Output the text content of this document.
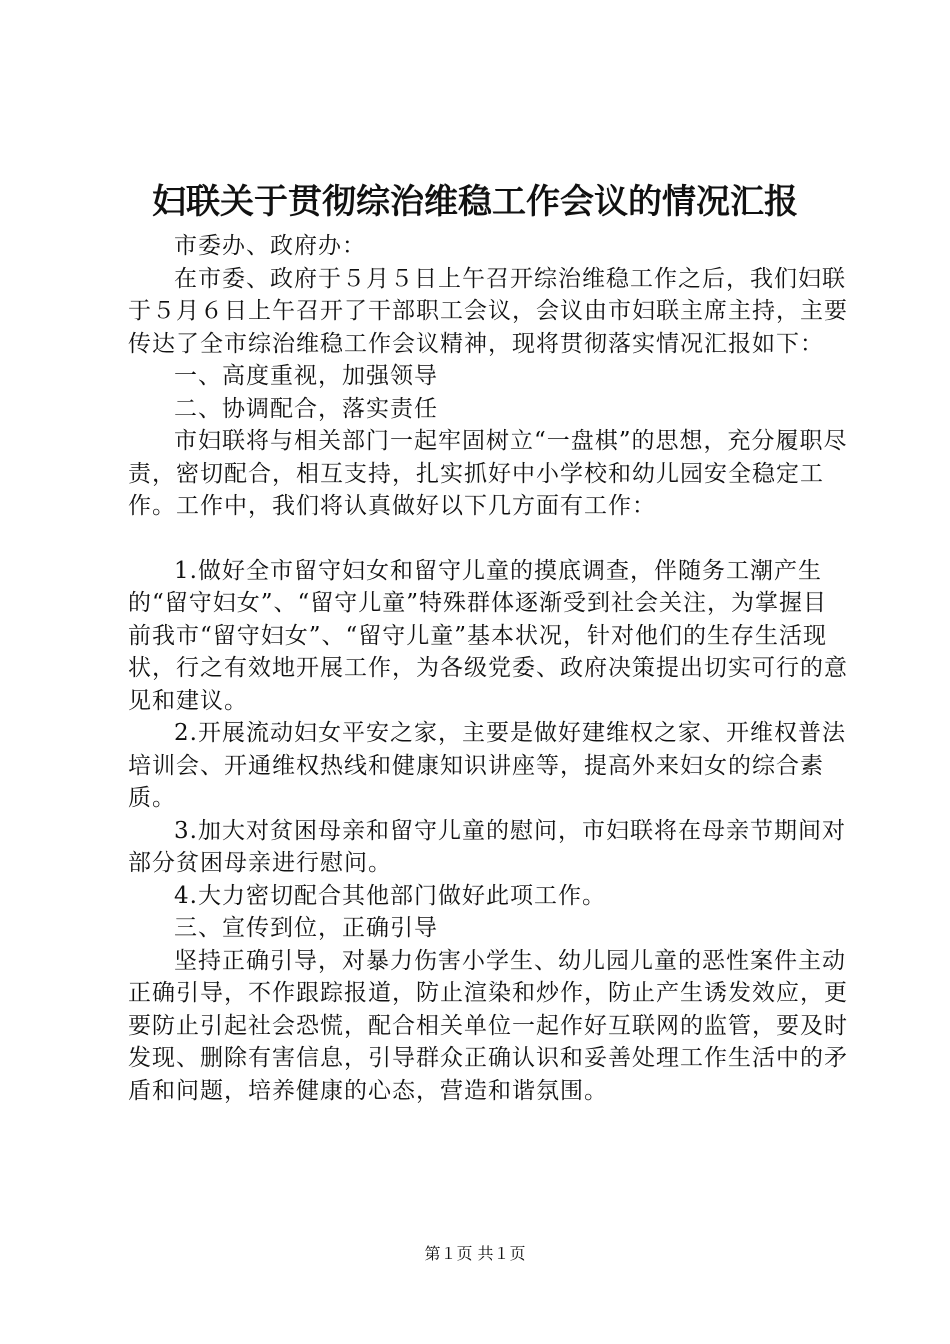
妇联关于贯彻综治维稳工作会议的情况汇报

市委办、政府办：

在市委、政府于５月５日上午召开综治维稳工作之后，我们妇联于５月６日上午召开了干部职工会议，会议由市妇联主席主持，主要传达了全市综治维稳工作会议精神，现将贯彻落实情况汇报如下：

一、高度重视，加强领导

二、协调配合，落实责任

市妇联将与相关部门一起牢固树立“一盘棋”的思想，充分履职尽责，密切配合，相互支持，扎实抓好中小学校和幼儿园安全稳定工作。工作中，我们将认真做好以下几方面有工作：

1.做好全市留守妇女和留守儿童的摸底调查，伴随务工潮产生的“留守妇女”、“留守儿童”特殊群体逐渐受到社会关注，为掌握目前我市“留守妇女”、“留守儿童”基本状况，针对他们的生存生活现状，行之有效地开展工作，为各级党委、政府决策提出切实可行的意见和建议。

2.开展流动妇女平安之家，主要是做好建维权之家、开维权普法培训会、开通维权热线和健康知识讲座等，提高外来妇女的综合素质。

3.加大对贫困母亲和留守儿童的慰问，市妇联将在母亲节期间对部分贫困母亲进行慰问。

4.大力密切配合其他部门做好此项工作。

三、宣传到位，正确引导

坚持正确引导，对暴力伤害小学生、幼儿园儿童的恶性案件主动正确引导，不作跟踪报道，防止渲染和炒作，防止产生诱发效应，更要防止引起社会恐慌，配合相关单位一起作好互联网的监管，要及时发现、删除有害信息，引导群众正确认识和妥善处理工作生活中的矛盾和问题，培养健康的心态，营造和谐氛围。

第１页 共１页
